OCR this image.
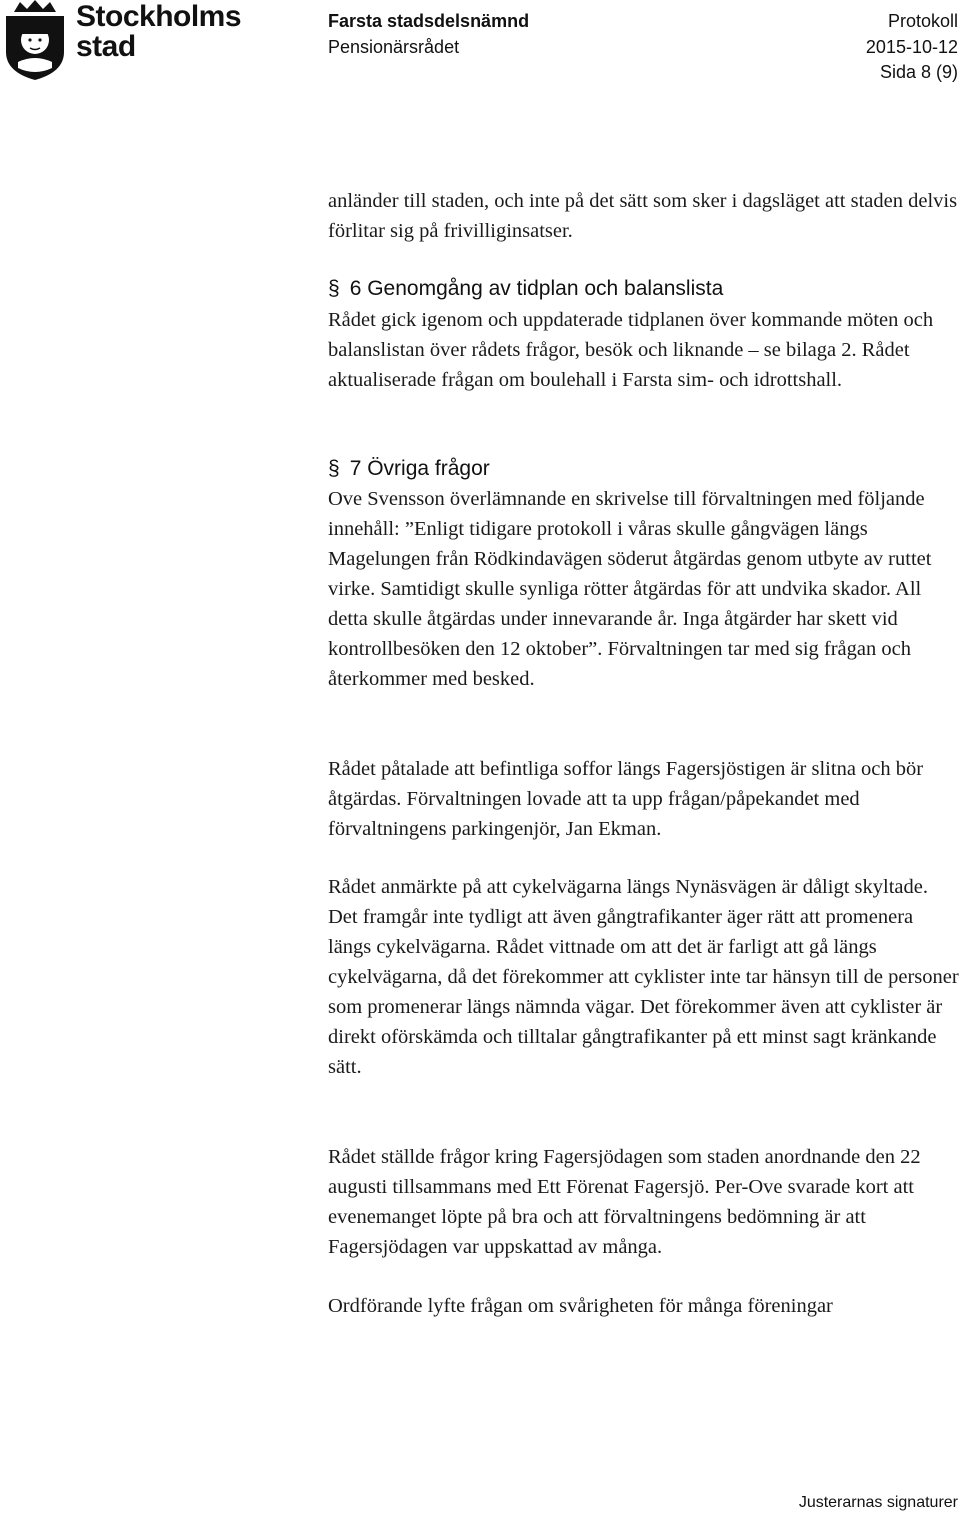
Stockholms
stad
Farsta stadsdelsnämnd
Pensionärsrådet
Protokoll
2015-10-12
Sida 8 (9)

anländer till staden, och inte på det sätt som sker i dagsläget att staden delvis förlitar sig på frivilliginsatser.

§ 6 Genomgång av tidplan och balanslista

Rådet gick igenom och uppdaterade tidplanen över kommande möten och balanslistan över rådets frågor, besök och liknande – se bilaga 2. Rådet aktualiserade frågan om boulehall i Farsta sim- och idrottshall.

§ 7 Övriga frågor

Ove Svensson överlämnande en skrivelse till förvaltningen med följande innehåll: ”Enligt tidigare protokoll i våras skulle gångvägen längs Magelungen från Rödkindavägen söderut åtgärdas genom utbyte av ruttet virke. Samtidigt skulle synliga rötter åtgärdas för att undvika skador. All detta skulle åtgärdas under innevarande år. Inga åtgärder har skett vid kontrollbesöken den 12 oktober”. Förvaltningen tar med sig frågan och återkommer med besked.

Rådet påtalade att befintliga soffor längs Fagersjöstigen är slitna och bör åtgärdas. Förvaltningen lovade att ta upp frågan/påpekandet med förvaltningens parkingenjör, Jan Ekman.

Rådet anmärkte på att cykelvägarna längs Nynäsvägen är dåligt skyltade. Det framgår inte tydligt att även gångtrafikanter äger rätt att promenera längs cykelvägarna. Rådet vittnade om att det är farligt att gå längs cykelvägarna, då det förekommer att cyklister inte tar hänsyn till de personer som promenerar längs nämnda vägar. Det förekommer även att cyklister är direkt oförskämda och tilltalar gångtrafikanter på ett minst sagt kränkande sätt.

Rådet ställde frågor kring Fagersjödagen som staden anordnande den 22 augusti tillsammans med Ett Förenat Fagersjö. Per-Ove svarade kort att evenemanget löpte på bra och att förvaltningens bedömning är att Fagersjödagen var uppskattad av många.

Ordförande lyfte frågan om svårigheten för många föreningar

Justerarnas signaturer
